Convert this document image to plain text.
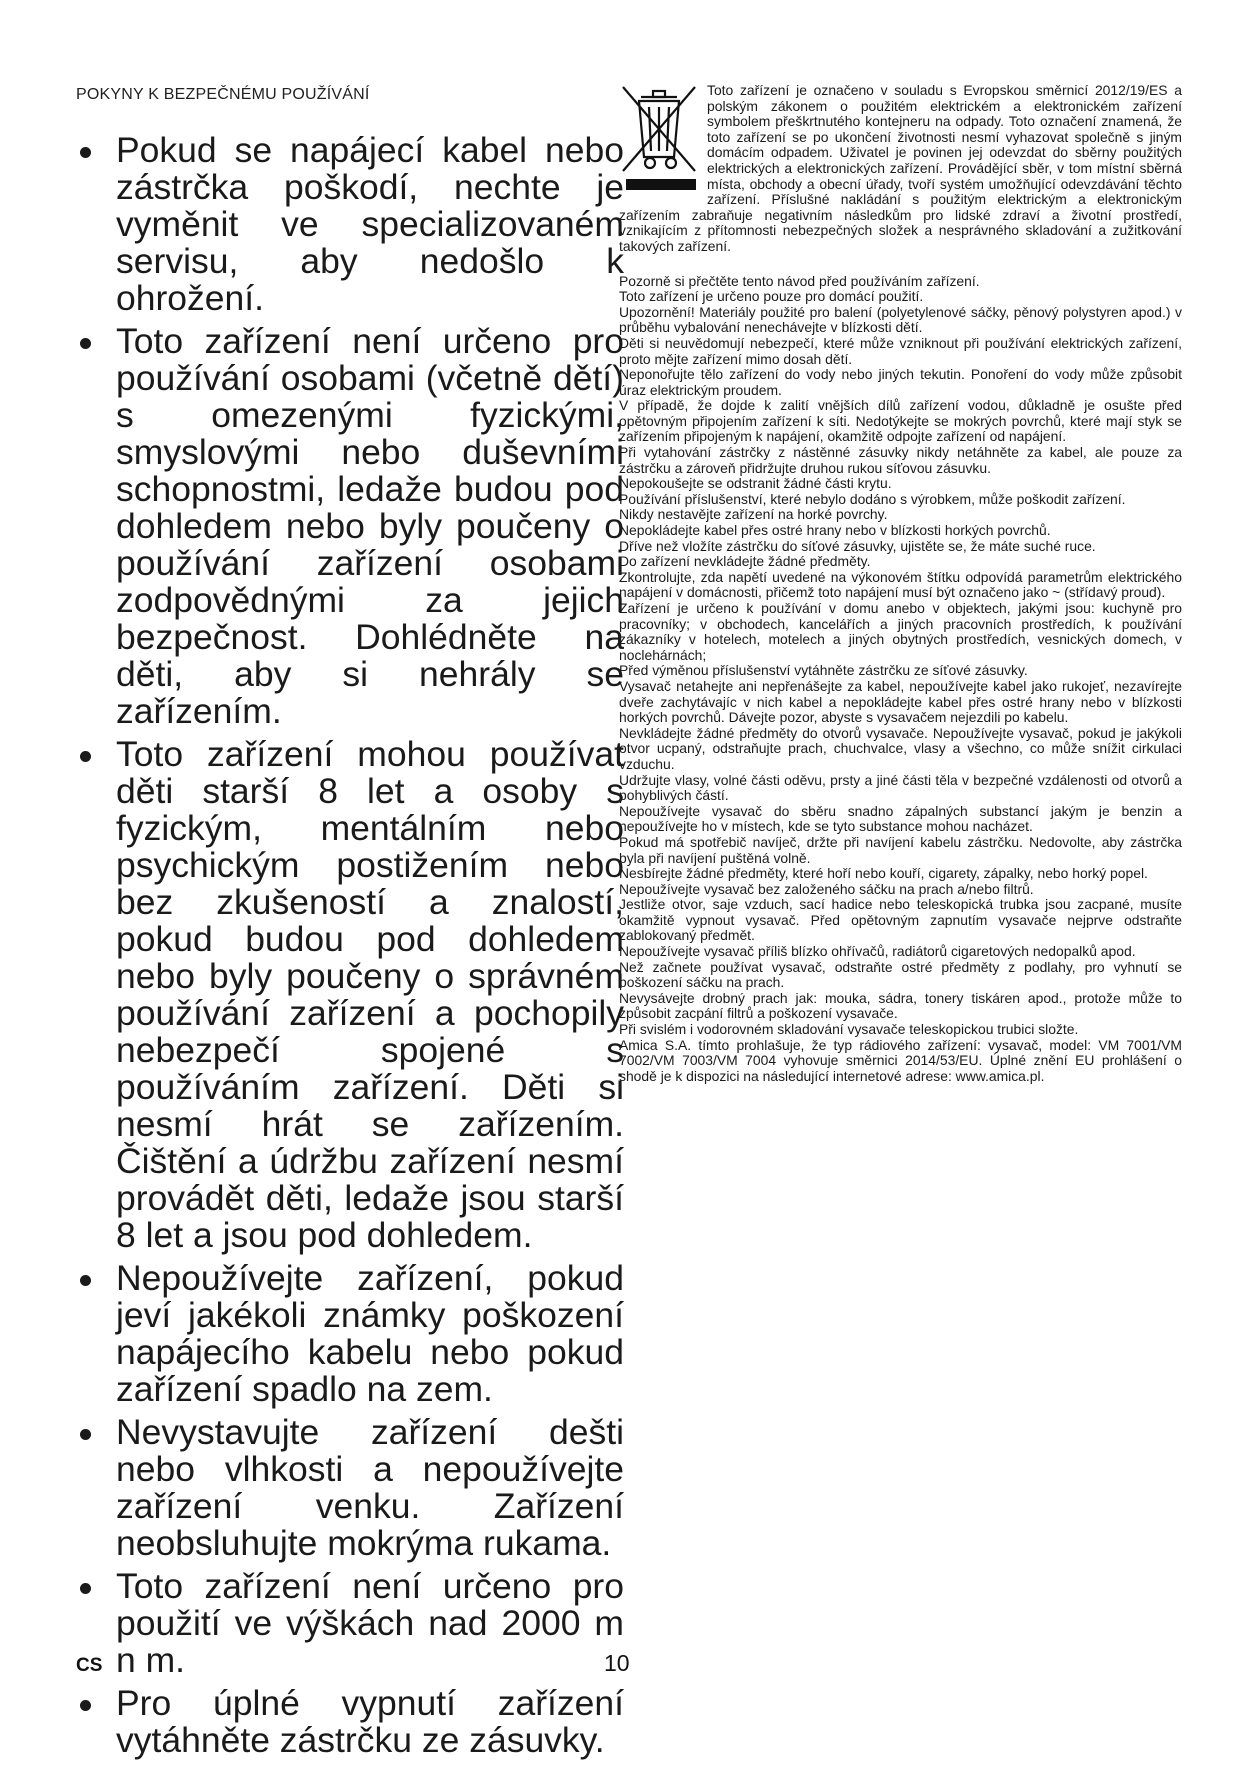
POKYNY K BEZPEČNÉMU POUŽÍVÁNÍ
Pokud se napájecí kabel nebo zástrčka poškodí, nechte je vyměnit ve specializovaném servisu, aby nedošlo k ohrožení.
Toto zařízení není určeno pro používání osobami (včetně dětí) s omezenými fyzickými, smyslovými nebo duševními schopnostmi, ledaže budou pod dohledem nebo byly poučeny o používání zařízení osobami zodpovědnými za jejich bezpečnost. Dohlédněte na děti, aby si nehrály se zařízením.
Toto zařízení mohou používat děti starší 8 let a osoby s fyzickým, mentálním nebo psychickým postižením nebo bez zkušeností a znalostí, pokud budou pod dohledem nebo byly poučeny o správném používání zařízení a pochopily nebezpečí spojené s používáním zařízení. Děti si nesmí hrát se zařízením. Čištění a údržbu zařízení nesmí provádět děti, ledaže jsou starší 8 let a jsou pod dohledem.
Nepoužívejte zařízení, pokud jeví jakékoli známky poškození napájecího kabelu nebo pokud zařízení spadlo na zem.
Nevystavujte zařízení dešti nebo vlhkosti a nepoužívejte zařízení venku. Zařízení neobsluhujte mokrýma rukama.
Toto zařízení není určeno pro použití ve výškách nad 2000 m n m.
Pro úplné vypnutí zařízení vytáhněte zástrčku ze zásuvky.
Toto zařízení je označeno v souladu s Evropskou směrnicí 2012/19/ES a polským zákonem o použitém elektrickém a elektronickém zařízení symbolem přeškrtnutého kontejneru na odpady. Toto označení znamená, že toto zařízení se po ukončení životnosti nesmí vyhazovat společně s jiným domácím odpadem. Uživatel je povinen jej odevzdat do sběrny použitých elektrických a elektronických zařízení. Provádějící sběr, v tom místní sběrná místa, obchody a obecní úřady, tvoří systém umožňující odevzdávání těchto zařízení. Příslušné nakládání s použitým elektrickým a elektronickým zařízením zabraňuje negativním následkům pro lidské zdraví a životní prostředí, vznikajícím z přítomnosti nebezpečných složek a nesprávného skladování a zužitkování takových zařízení.

Pozorně si přečtěte tento návod před používáním zařízení.

Toto zařízení je určeno pouze pro domácí použití.

Upozornění! Materiály použité pro balení (polyetylenové sáčky, pěnový polystyren apod.) v průběhu vybalování nenechávejte v blízkosti dětí.

Děti si neuvědomují nebezpečí, které může vzniknout při používání elektrických zařízení, proto mějte zařízení mimo dosah dětí.

Neponořujte tělo zařízení do vody nebo jiných tekutin. Ponoření do vody může způsobit úraz elektrickým proudem.

V případě, že dojde k zalití vnějších dílů zařízení vodou, důkladně je osušte před opětovným připojením zařízení k síti. Nedotýkejte se mokrých povrchů, které mají styk se zařízením připojeným k napájení, okamžitě odpojte zařízení od napájení.

Při vytahování zástrčky z nástěnné zásuvky nikdy netáhněte za kabel, ale pouze za zástrčku a zároveň přidržujte druhou rukou síťovou zásuvku.

Nepokoušejte se odstranit žádné části krytu.

Používání příslušenství, které nebylo dodáno s výrobkem, může poškodit zařízení.

Nikdy nestavějte zařízení na horké povrchy.

Nepokládejte kabel přes ostré hrany nebo v blízkosti horkých povrchů.

Dříve než vložíte zástrčku do síťové zásuvky, ujistěte se, že máte suché ruce.

Do zařízení nevkládejte žádné předměty.

Zkontrolujte, zda napětí uvedené na výkonovém štítku odpovídá parametrům elektrického napájení v domácnosti, přičemž toto napájení musí být označeno jako ~ (střídavý proud).

Zařízení je určeno k používání v domu anebo v objektech, jakými jsou: kuchyně pro pracovníky; v obchodech, kancelářích a jiných pracovních prostředích, k používání zákazníky v hotelech, motelech a jiných obytných prostředích, vesnických domech, v noclehárnách;

Před výměnou příslušenství vytáhněte zástrčku ze síťové zásuvky.

Vysavač netahejte ani nepřenášejte za kabel, nepoužívejte kabel jako rukojeť, nezavírejte dveře zachytávajíc v nich kabel a nepokládejte kabel přes ostré hrany nebo v blízkosti horkých povrchů. Dávejte pozor, abyste s vysavačem nejezdili po kabelu.

Nevkládejte žádné předměty do otvorů vysavače. Nepoužívejte vysavač, pokud je jakýkoli otvor ucpaný, odstraňujte prach, chuchvalce, vlasy a všechno, co může snížit cirkulaci vzduchu.

Udržujte vlasy, volné části oděvu, prsty a jiné části těla v bezpečné vzdálenosti od otvorů a pohyblivých částí.

Nepoužívejte vysavač do sběru snadno zápalných substancí jakým je benzin a nepoužívejte ho v místech, kde se tyto substance mohou nacházet.

Pokud má spotřebič navíječ, držte při navíjení kabelu zástrčku. Nedovolte, aby zástrčka byla při navíjení puštěná volně.

Nesbírejte žádné předměty, které hoří nebo kouří, cigarety, zápalky, nebo horký popel.

Nepoužívejte vysavač bez založeného sáčku na prach a/nebo filtrů.

Jestliže otvor, saje vzduch, sací hadice nebo teleskopická trubka jsou zacpané, musíte okamžitě vypnout vysavač. Před opětovným zapnutím vysavače nejprve odstraňte zablokovaný předmět.

Nepoužívejte vysavač příliš blízko ohřívačů, radiátorů cigaretových nedopalků apod.

Než začnete používat vysavač, odstraňte ostré předměty z podlahy, pro vyhnutí se poškození sáčku na prach.

Nevysávejte drobný prach jak: mouka, sádra, tonery tiskáren apod., protože může to způsobit zacpání filtrů a poškození vysavače.

Při svislém i vodorovném skladování vysavače teleskopickou trubici složte.

Amica S.A. tímto prohlašuje, že typ rádiového zařízení: vysavač, model: VM 7001/VM 7002/VM 7003/VM 7004 vyhovuje směrnici 2014/53/EU. Úplné znění EU prohlášení o shodě je k dispozici na následující internetové adrese: www.amica.pl.

CS	10
